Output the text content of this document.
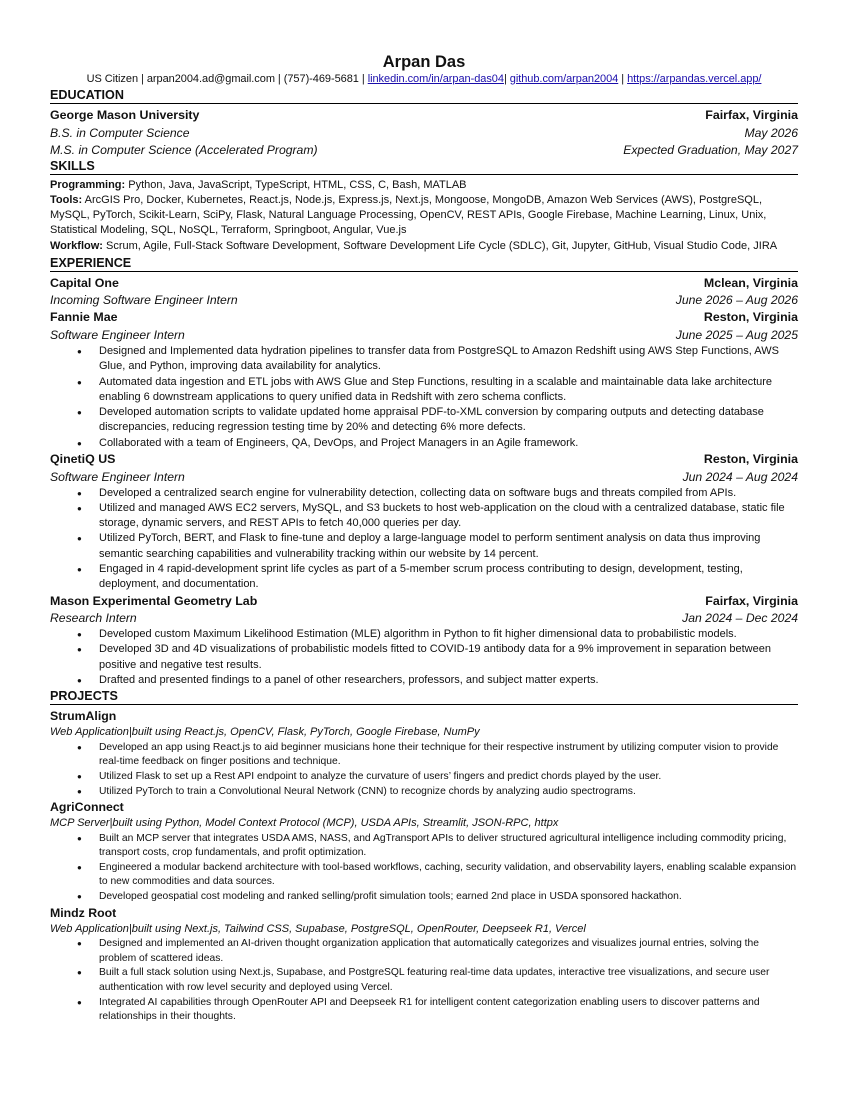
Arpan Das
US Citizen | arpan2004.ad@gmail.com | (757)-469-5681 | linkedin.com/in/arpan-das04| github.com/arpan2004 | https://arpandas.vercel.app/
EDUCATION
George Mason University	Fairfax, Virginia
B.S. in Computer Science	May 2026
M.S. in Computer Science (Accelerated Program)	Expected Graduation, May 2027
SKILLS
Programming: Python, Java, JavaScript, TypeScript, HTML, CSS, C, Bash, MATLAB
Tools: ArcGIS Pro, Docker, Kubernetes, React.js, Node.js, Express.js, Next.js, Mongoose, MongoDB, Amazon Web Services (AWS), PostgreSQL, MySQL, PyTorch, Scikit-Learn, SciPy, Flask, Natural Language Processing, OpenCV, REST APIs, Google Firebase, Machine Learning, Linux, Unix, Statistical Modeling, SQL, NoSQL, Terraform, Springboot, Angular, Vue.js
Workflow: Scrum, Agile, Full-Stack Software Development, Software Development Life Cycle (SDLC), Git, Jupyter, GitHub, Visual Studio Code, JIRA
EXPERIENCE
Capital One	Mclean, Virginia
Incoming Software Engineer Intern	June 2026 – Aug 2026
Fannie Mae	Reston, Virginia
Software Engineer Intern	June 2025 – Aug 2025
● Designed and Implemented data hydration pipelines to transfer data from PostgreSQL to Amazon Redshift using AWS Step Functions, AWS Glue, and Python, improving data availability for analytics.
● Automated data ingestion and ETL jobs with AWS Glue and Step Functions, resulting in a scalable and maintainable data lake architecture enabling 6 downstream applications to query unified data in Redshift with zero schema conflicts.
● Developed automation scripts to validate updated home appraisal PDF-to-XML conversion by comparing outputs and detecting database discrepancies, reducing regression testing time by 20% and detecting 6% more defects.
● Collaborated with a team of Engineers, QA, DevOps, and Project Managers in an Agile framework.
QinetiQ US	Reston, Virginia
Software Engineer Intern	Jun 2024 – Aug 2024
● Developed a centralized search engine for vulnerability detection, collecting data on software bugs and threats compiled from APIs.
● Utilized and managed AWS EC2 servers, MySQL, and S3 buckets to host web-application on the cloud with a centralized database, static file storage, dynamic servers, and REST APIs to fetch 40,000 queries per day.
● Utilized PyTorch, BERT, and Flask to fine-tune and deploy a large-language model to perform sentiment analysis on data thus improving semantic searching capabilities and vulnerability tracking within our website by 14 percent.
● Engaged in 4 rapid-development sprint life cycles as part of a 5-member scrum process contributing to design, development, testing, deployment, and documentation.
Mason Experimental Geometry Lab	Fairfax, Virginia
Research Intern	Jan 2024 – Dec 2024
● Developed custom Maximum Likelihood Estimation (MLE) algorithm in Python to fit higher dimensional data to probabilistic models.
● Developed 3D and 4D visualizations of probabilistic models fitted to COVID-19 antibody data for a 9% improvement in separation between positive and negative test results.
● Drafted and presented findings to a panel of other researchers, professors, and subject matter experts.
PROJECTS
StrumAlign
Web Application|built using React.js, OpenCV, Flask, PyTorch, Google Firebase, NumPy
● Developed an app using React.js to aid beginner musicians hone their technique for their respective instrument by utilizing computer vision to provide real-time feedback on finger positions and technique.
● Utilized Flask to set up a Rest API endpoint to analyze the curvature of users’ fingers and predict chords played by the user.
● Utilized PyTorch to train a Convolutional Neural Network (CNN) to recognize chords by analyzing audio spectrograms.
AgriConnect
MCP Server|built using Python, Model Context Protocol (MCP), USDA APIs, Streamlit, JSON-RPC, httpx
● Built an MCP server that integrates USDA AMS, NASS, and AgTransport APIs to deliver structured agricultural intelligence including commodity pricing, transport costs, crop fundamentals, and profit optimization.
● Engineered a modular backend architecture with tool-based workflows, caching, security validation, and observability layers, enabling scalable expansion to new commodities and data sources.
● Developed geospatial cost modeling and ranked selling/profit simulation tools; earned 2nd place in USDA sponsored hackathon.
Mindz Root
Web Application|built using Next.js, Tailwind CSS, Supabase, PostgreSQL, OpenRouter, Deepseek R1, Vercel
● Designed and implemented an AI-driven thought organization application that automatically categorizes and visualizes journal entries, solving the problem of scattered ideas.
● Built a full stack solution using Next.js, Supabase, and PostgreSQL featuring real-time data updates, interactive tree visualizations, and secure user authentication with row level security and deployed using Vercel.
● Integrated AI capabilities through OpenRouter API and Deepseek R1 for intelligent content categorization enabling users to discover patterns and relationships in their thoughts.
